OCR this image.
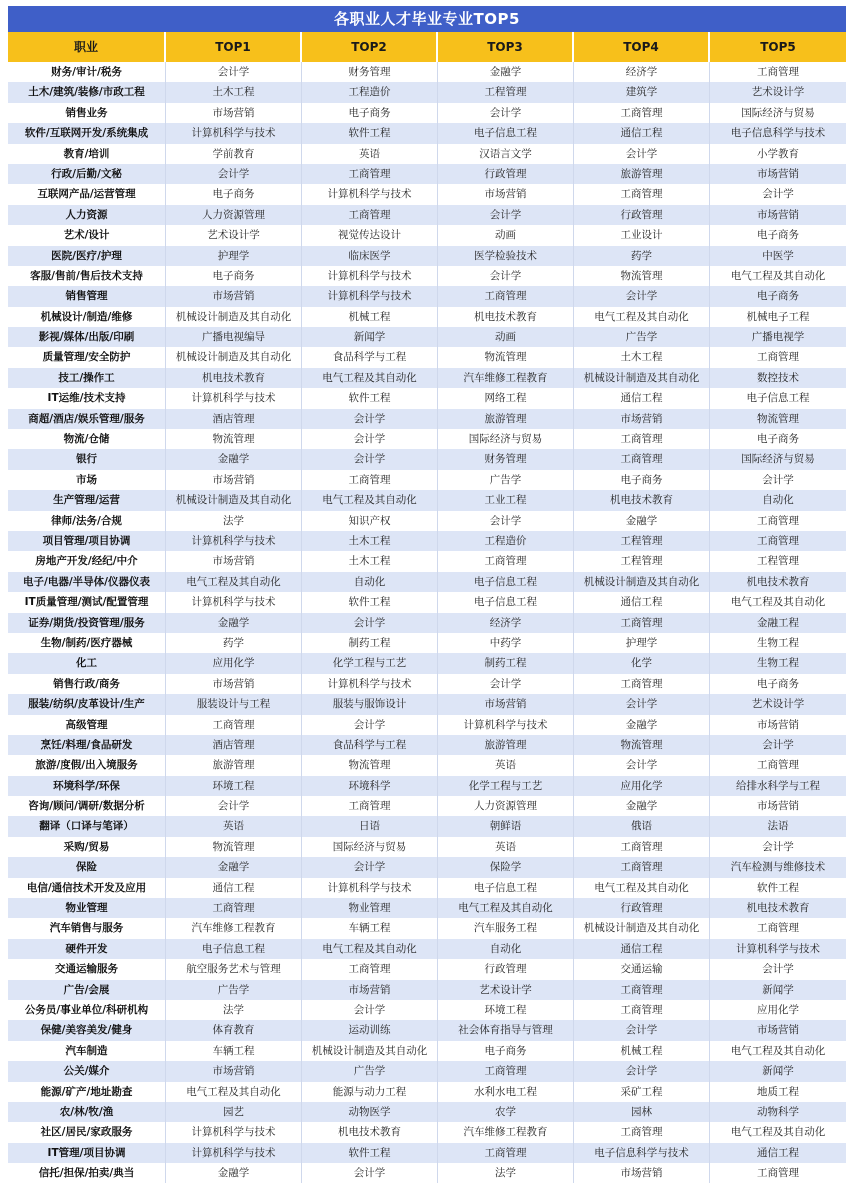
各职业人才毕业专业TOP5
职业	TOP1	TOP2	TOP3	TOP4	TOP5
财务/审计/税务	会计学	财务管理	金融学	经济学	工商管理
土木/建筑/装修/市政工程	土木工程	工程造价	工程管理	建筑学	艺术设计学
销售业务	市场营销	电子商务	会计学	工商管理	国际经济与贸易
软件/互联网开发/系统集成	计算机科学与技术	软件工程	电子信息工程	通信工程	电子信息科学与技术
教育/培训	学前教育	英语	汉语言文学	会计学	小学教育
行政/后勤/文秘	会计学	工商管理	行政管理	旅游管理	市场营销
互联网产品/运营管理	电子商务	计算机科学与技术	市场营销	工商管理	会计学
人力资源	人力资源管理	工商管理	会计学	行政管理	市场营销
艺术/设计	艺术设计学	视觉传达设计	动画	工业设计	电子商务
医院/医疗/护理	护理学	临床医学	医学检验技术	药学	中医学
客服/售前/售后技术支持	电子商务	计算机科学与技术	会计学	物流管理	电气工程及其自动化
销售管理	市场营销	计算机科学与技术	工商管理	会计学	电子商务
机械设计/制造/维修	机械设计制造及其自动化	机械工程	机电技术教育	电气工程及其自动化	机械电子工程
影视/媒体/出版/印刷	广播电视编导	新闻学	动画	广告学	广播电视学
质量管理/安全防护	机械设计制造及其自动化	食品科学与工程	物流管理	土木工程	工商管理
技工/操作工	机电技术教育	电气工程及其自动化	汽车维修工程教育	机械设计制造及其自动化	数控技术
IT运维/技术支持	计算机科学与技术	软件工程	网络工程	通信工程	电子信息工程
商超/酒店/娱乐管理/服务	酒店管理	会计学	旅游管理	市场营销	物流管理
物流/仓储	物流管理	会计学	国际经济与贸易	工商管理	电子商务
银行	金融学	会计学	财务管理	工商管理	国际经济与贸易
市场	市场营销	工商管理	广告学	电子商务	会计学
生产管理/运营	机械设计制造及其自动化	电气工程及其自动化	工业工程	机电技术教育	自动化
律师/法务/合规	法学	知识产权	会计学	金融学	工商管理
项目管理/项目协调	计算机科学与技术	土木工程	工程造价	工程管理	工商管理
房地产开发/经纪/中介	市场营销	土木工程	工商管理	工程管理	工程管理
电子/电器/半导体/仪器仪表	电气工程及其自动化	自动化	电子信息工程	机械设计制造及其自动化	机电技术教育
IT质量管理/测试/配置管理	计算机科学与技术	软件工程	电子信息工程	通信工程	电气工程及其自动化
证券/期货/投资管理/服务	金融学	会计学	经济学	工商管理	金融工程
生物/制药/医疗器械	药学	制药工程	中药学	护理学	生物工程
化工	应用化学	化学工程与工艺	制药工程	化学	生物工程
销售行政/商务	市场营销	计算机科学与技术	会计学	工商管理	电子商务
服装/纺织/皮革设计/生产	服装设计与工程	服装与服饰设计	市场营销	会计学	艺术设计学
高级管理	工商管理	会计学	计算机科学与技术	金融学	市场营销
烹饪/料理/食品研发	酒店管理	食品科学与工程	旅游管理	物流管理	会计学
旅游/度假/出入境服务	旅游管理	物流管理	英语	会计学	工商管理
环境科学/环保	环境工程	环境科学	化学工程与工艺	应用化学	给排水科学与工程
咨询/顾问/调研/数据分析	会计学	工商管理	人力资源管理	金融学	市场营销
翻译（口译与笔译）	英语	日语	朝鲜语	俄语	法语
采购/贸易	物流管理	国际经济与贸易	英语	工商管理	会计学
保险	金融学	会计学	保险学	工商管理	汽车检测与维修技术
电信/通信技术开发及应用	通信工程	计算机科学与技术	电子信息工程	电气工程及其自动化	软件工程
物业管理	工商管理	物业管理	电气工程及其自动化	行政管理	机电技术教育
汽车销售与服务	汽车维修工程教育	车辆工程	汽车服务工程	机械设计制造及其自动化	工商管理
硬件开发	电子信息工程	电气工程及其自动化	自动化	通信工程	计算机科学与技术
交通运输服务	航空服务艺术与管理	工商管理	行政管理	交通运输	会计学
广告/会展	广告学	市场营销	艺术设计学	工商管理	新闻学
公务员/事业单位/科研机构	法学	会计学	环境工程	工商管理	应用化学
保健/美容美发/健身	体育教育	运动训练	社会体育指导与管理	会计学	市场营销
汽车制造	车辆工程	机械设计制造及其自动化	电子商务	机械工程	电气工程及其自动化
公关/媒介	市场营销	广告学	工商管理	会计学	新闻学
能源/矿产/地址勘查	电气工程及其自动化	能源与动力工程	水利水电工程	采矿工程	地质工程
农/林/牧/渔	园艺	动物医学	农学	园林	动物科学
社区/居民/家政服务	计算机科学与技术	机电技术教育	汽车维修工程教育	工商管理	电气工程及其自动化
IT管理/项目协调	计算机科学与技术	软件工程	工商管理	电子信息科学与技术	通信工程
信托/担保/拍卖/典当	金融学	会计学	法学	市场营销	工商管理
